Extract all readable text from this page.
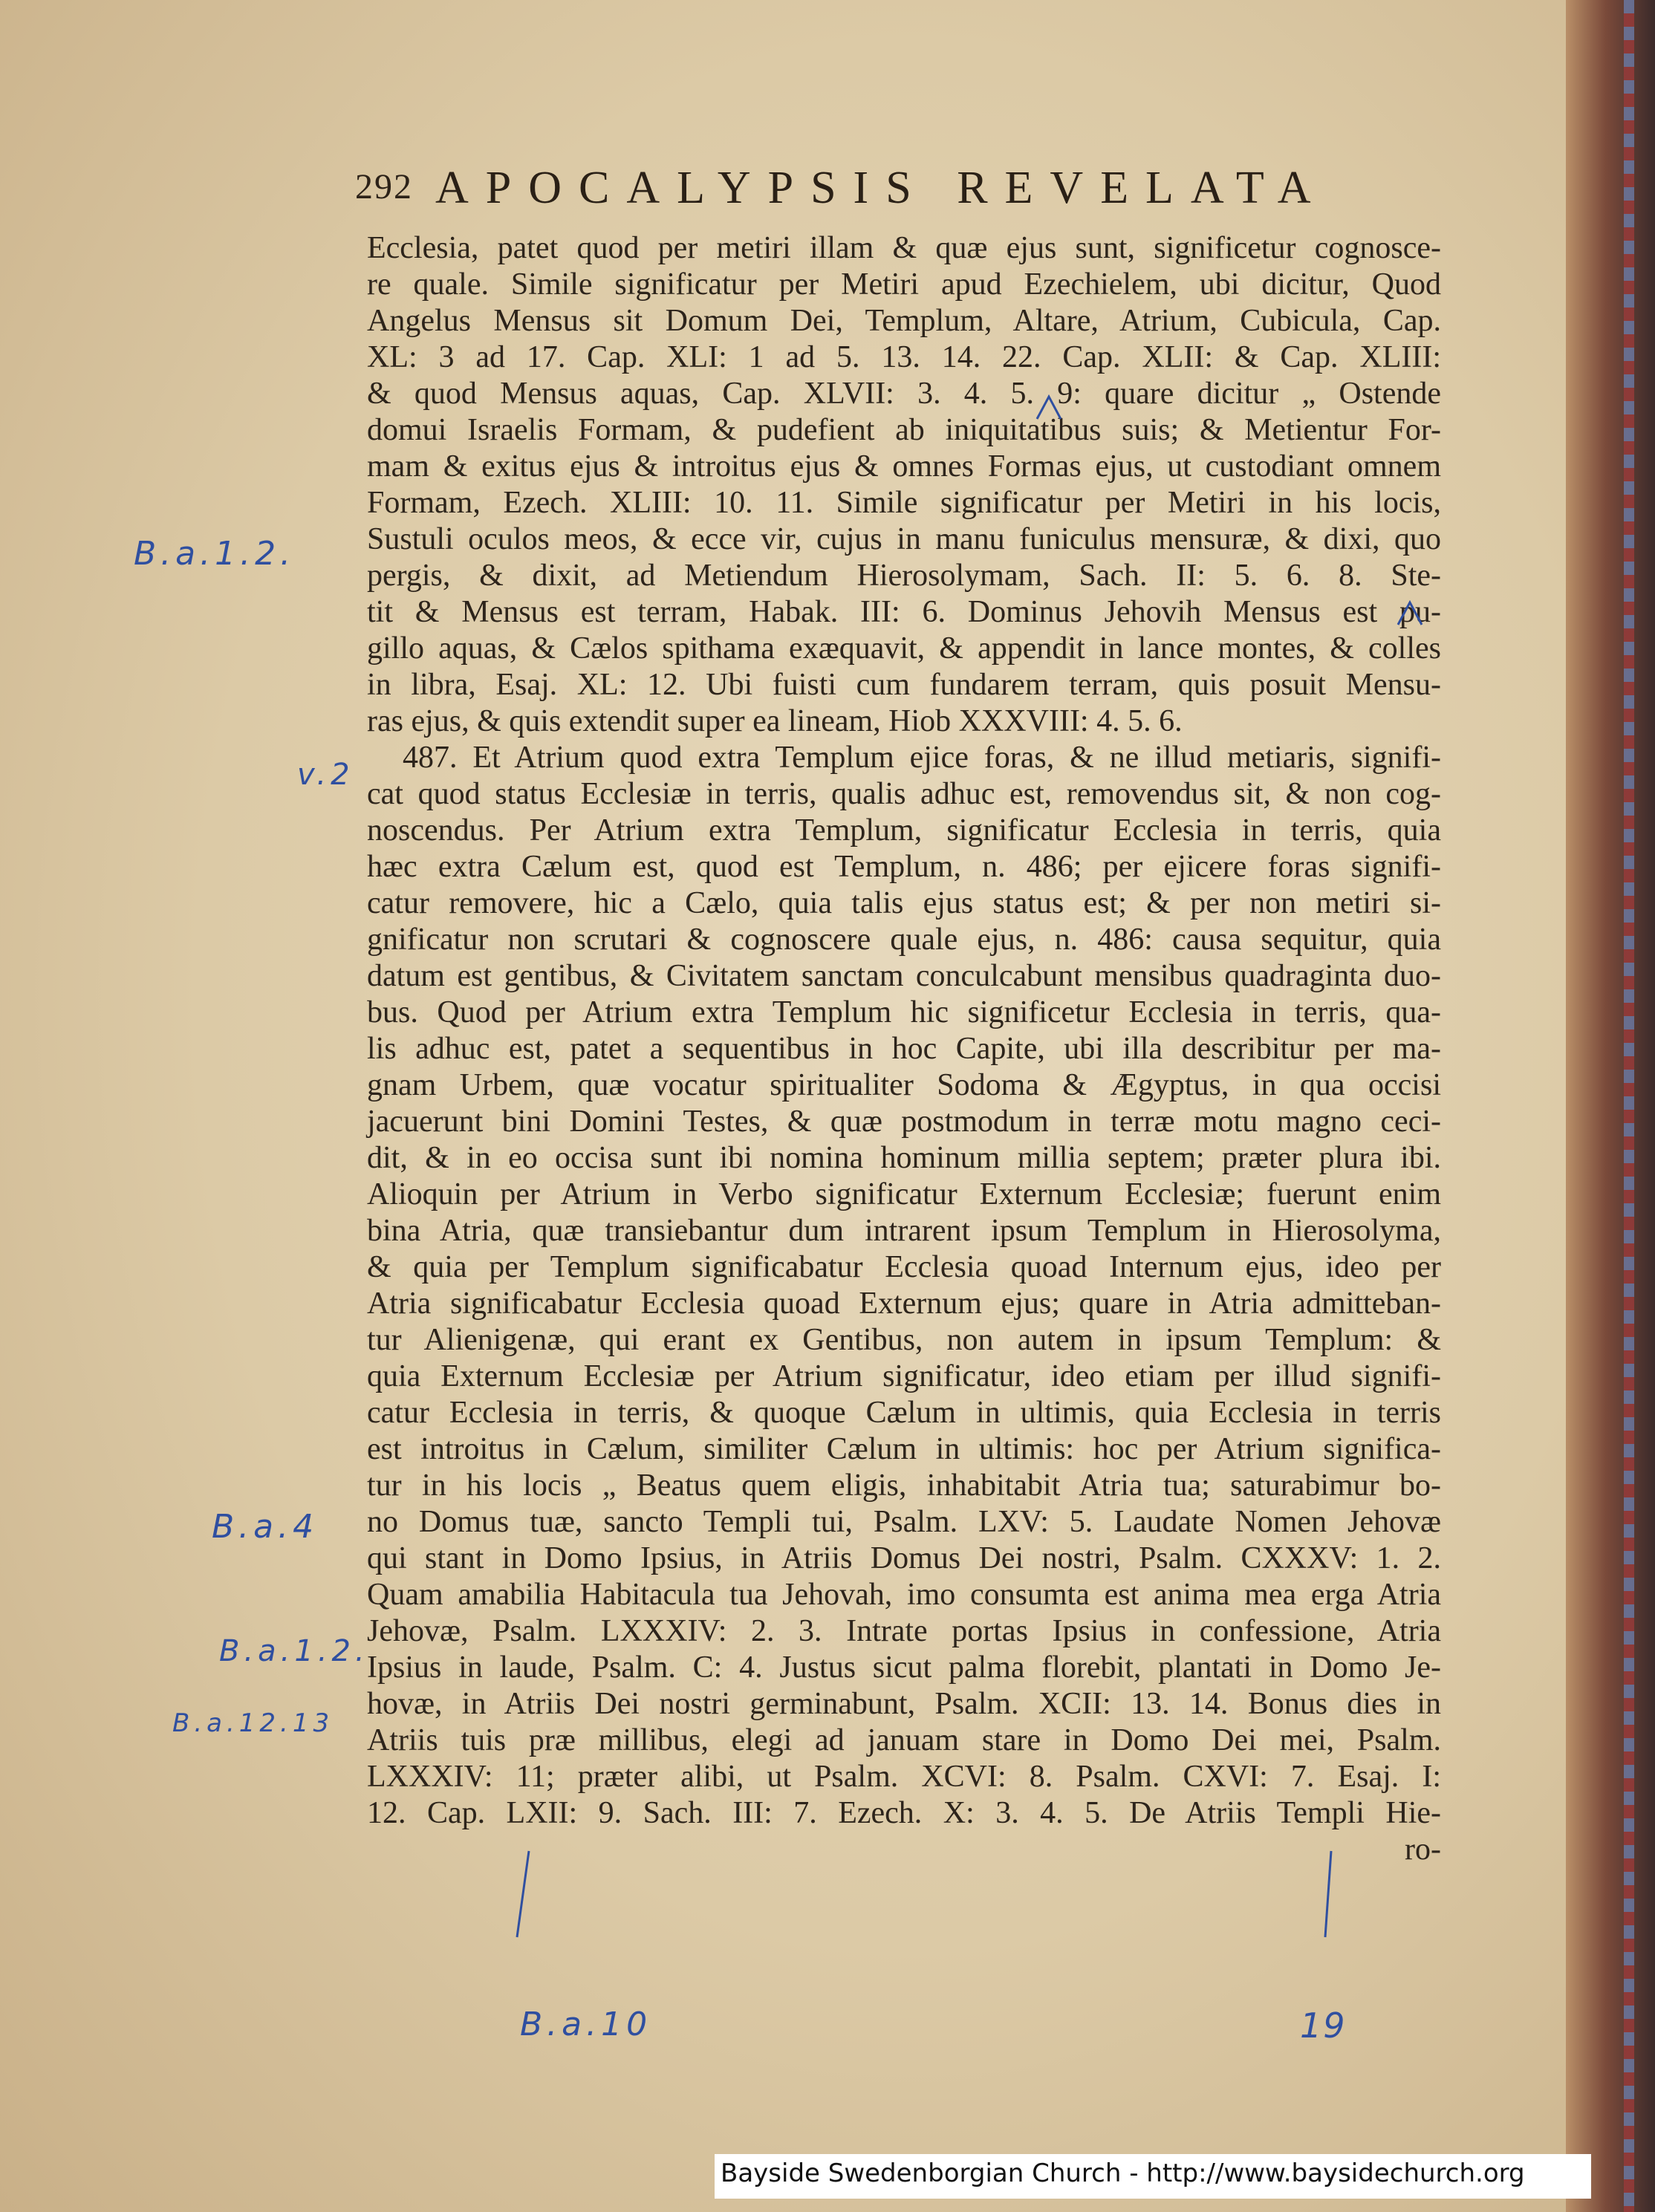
292 APOCALYPSIS REVELATA
Ecclesia, patet quod per metiri illam & quæ ejus sunt, significetur cognosce-
re quale. Simile significatur per Metiri apud Ezechielem, ubi dicitur, Quod
Angelus Mensus sit Domum Dei, Templum, Altare, Atrium, Cubicula, Cap.
XL: 3 ad 17. Cap. XLI: 1 ad 5. 13. 14. 22. Cap. XLII: & Cap. XLIII:
& quod Mensus aquas, Cap. XLVII: 3. 4. 5. 9: quare dicitur „ Ostende
domui Israelis Formam, & pudefient ab iniquitatibus suis; & Metientur For-
mam & exitus ejus & introitus ejus & omnes Formas ejus, ut custodiant omnem
Formam, Ezech. XLIII: 10. 11. Simile significatur per Metiri in his locis,
Sustuli oculos meos, & ecce vir, cujus in manu funiculus mensuræ, & dixi, quo
pergis, & dixit, ad Metiendum Hierosolymam, Sach. II: 5. 6. 8. Ste-
tit & Mensus est terram, Habak. III: 6. Dominus Jehovih Mensus est pu-
gillo aquas, & Cælos spithama exæquavit, & appendit in lance montes, & colles
in libra, Esaj. XL: 12. Ubi fuisti cum fundarem terram, quis posuit Mensu-
ras ejus, & quis extendit super ea lineam, Hiob XXXVIII: 4. 5. 6.
487. Et Atrium quod extra Templum ejice foras, & ne illud metiaris, signifi-
cat quod status Ecclesiæ in terris, qualis adhuc est, removendus sit, & non cog-
noscendus. Per Atrium extra Templum, significatur Ecclesia in terris, quia
hæc extra Cælum est, quod est Templum, n. 486; per ejicere foras signifi-
catur removere, hic a Cælo, quia talis ejus status est; & per non metiri si-
gnificatur non scrutari & cognoscere quale ejus, n. 486: causa sequitur, quia
datum est gentibus, & Civitatem sanctam conculcabunt mensibus quadraginta duo-
bus. Quod per Atrium extra Templum hic significetur Ecclesia in terris, qua-
lis adhuc est, patet a sequentibus in hoc Capite, ubi illa describitur per ma-
gnam Urbem, quæ vocatur spiritualiter Sodoma & Ægyptus, in qua occisi
jacuerunt bini Domini Testes, & quæ postmodum in terræ motu magno ceci-
dit, & in eo occisa sunt ibi nomina hominum millia septem; præter plura ibi.
Alioquin per Atrium in Verbo significatur Externum Ecclesiæ; fuerunt enim
bina Atria, quæ transiebantur dum intrarent ipsum Templum in Hierosolyma,
& quia per Templum significabatur Ecclesia quoad Internum ejus, ideo per
Atria significabatur Ecclesia quoad Externum ejus; quare in Atria admitteban-
tur Alienigenæ, qui erant ex Gentibus, non autem in ipsum Templum: &
quia Externum Ecclesiæ per Atrium significatur, ideo etiam per illud signifi-
catur Ecclesia in terris, & quoque Cælum in ultimis, quia Ecclesia in terris
est introitus in Cælum, similiter Cælum in ultimis: hoc per Atrium significa-
tur in his locis „ Beatus quem eligis, inhabitabit Atria tua; saturabimur bo-
no Domus tuæ, sancto Templi tui, Psalm. LXV: 5. Laudate Nomen Jehovæ
qui stant in Domo Ipsius, in Atriis Domus Dei nostri, Psalm. CXXXV: 1. 2.
Quam amabilia Habitacula tua Jehovah, imo consumta est anima mea erga Atria
Jehovæ, Psalm. LXXXIV: 2. 3. Intrate portas Ipsius in confessione, Atria
Ipsius in laude, Psalm. C: 4. Justus sicut palma florebit, plantati in Domo Je-
hovæ, in Atriis Dei nostri germinabunt, Psalm. XCII: 13. 14. Bonus dies in
Atriis tuis præ millibus, elegi ad januam stare in Domo Dei mei, Psalm.
LXXXIV: 11; præter alibi, ut Psalm. XCVI: 8. Psalm. CXVI: 7. Esaj. I:
12. Cap. LXII: 9. Sach. III: 7. Ezech. X: 3. 4. 5. De Atriis Templi Hie-
ro-
B.a.1.2.
v.2
B.a.4
B.a.1.2.
B.a.12.13
B.a.10	19
Bayside Swedenborgian Church - http://www.baysidechurch.org
